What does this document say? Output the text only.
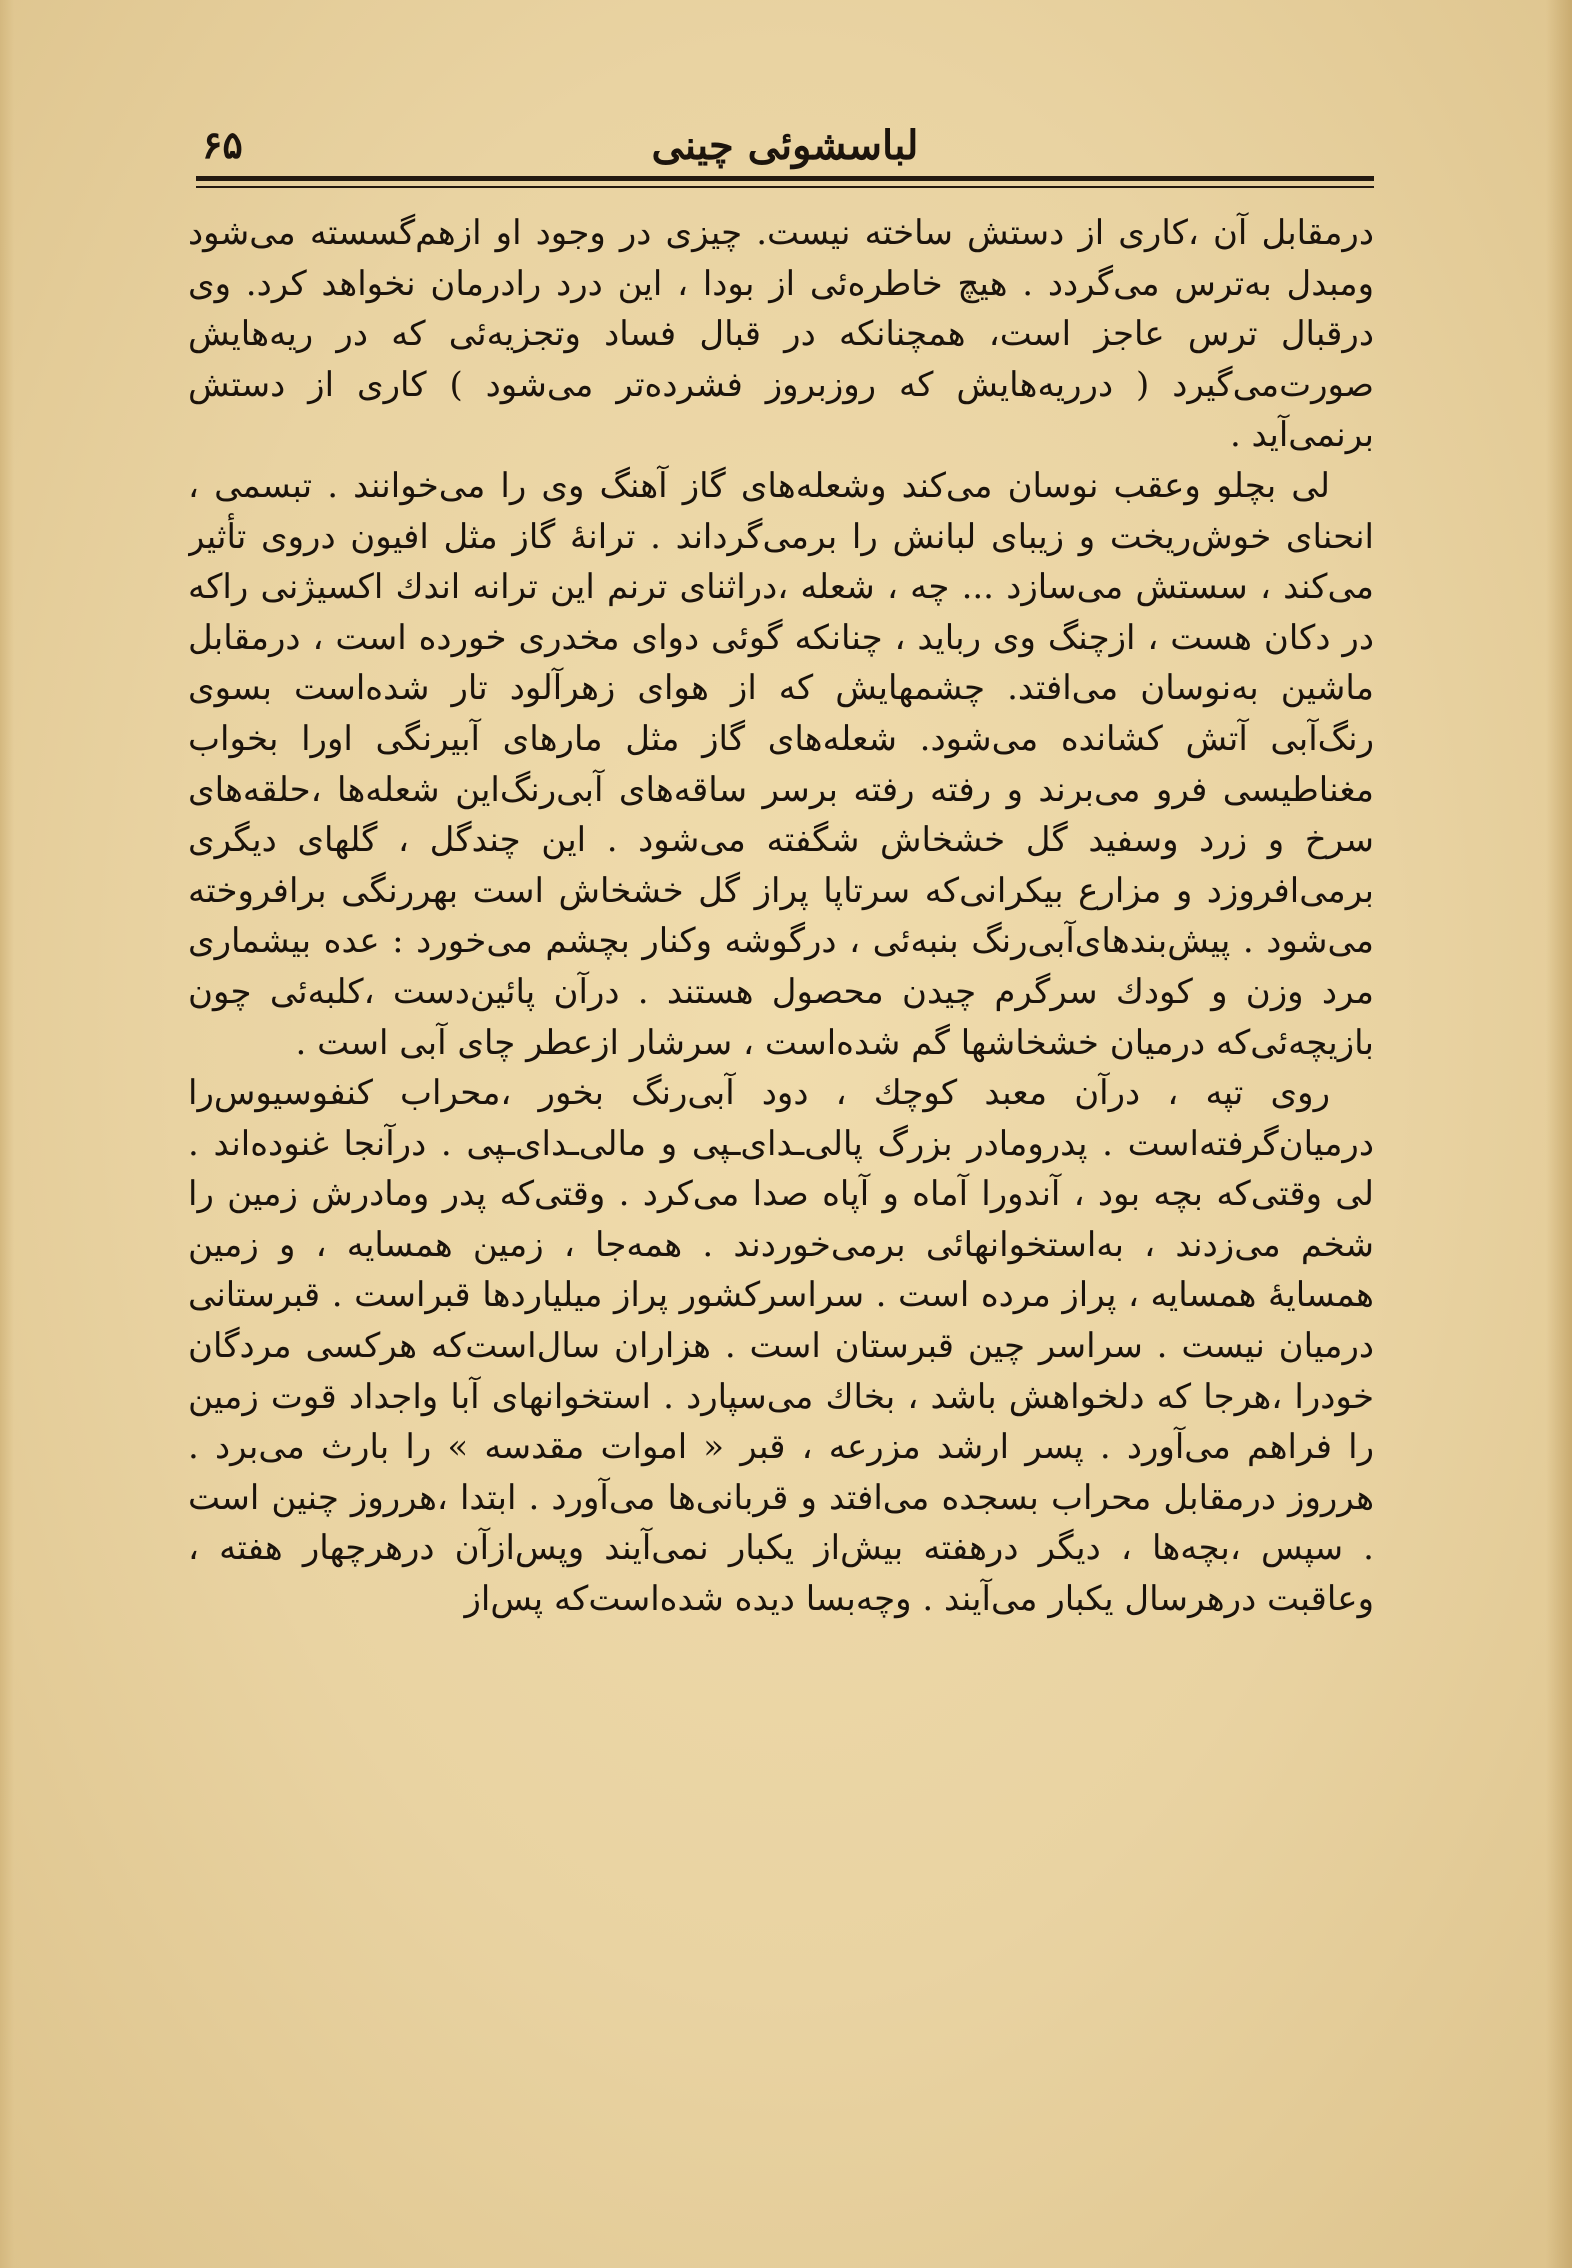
۶۵	لباسشوئی چینی

درمقابل آن ،کاری از دستش ساخته نیست. چیزی در وجود او ازهم‌گسسته می‌شود ومبدل به‌ترس می‌گردد . هیچ خاطره‌ئی از بودا ، این درد رادرمان نخواهد کرد. وی درقبال ترس عاجز است، همچنانکه در قبال فساد وتجزیه‌ئی که در ریه‌هایش صورت‌می‌گیرد ( درریه‌هایش که روزبروز فشرده‌تر می‌شود ) کاری از دستش برنمی‌آید .

لی بچلو وعقب نوسان می‌کند وشعله‌های گاز آهنگ وی را می‌خوانند . تبسمی ، انحنای خوش‌ریخت و زیبای لبانش را برمی‌گرداند . ترانهٔ گاز مثل افیون دروی تأثیر می‌کند ، سستش می‌سازد ... چه ، شعله ،دراثنای ترنم این ترانه اندك اکسیژنی راکه در دکان هست ، ازچنگ وی رباید ، چنانکه گوئی دوای مخدری خورده است ، درمقابل ماشین به‌نوسان می‌افتد. چشمهایش که از هوای زهرآلود تار شده‌است بسوی رنگ‌آبی آتش کشانده می‌شود. شعله‌های گاز مثل مارهای آبیرنگی اورا بخواب مغناطیسی فرو می‌برند و رفته رفته برسر ساقه‌های آبی‌رنگ‌این شعله‌ها ،حلقه‌های سرخ و زرد وسفید گل خشخاش شگفته می‌شود . این چندگل ، گلهای دیگری برمی‌افروزد و مزارع بیکرانی‌که سرتاپا پراز گل خشخاش است بهررنگی برافروخته می‌شود . پیش‌بندهای‌آبی‌رنگ بنبه‌ئی ، درگوشه وکنار بچشم می‌خورد : عده بیشماری مرد وزن و کودك سرگرم چیدن محصول هستند . درآن پائین‌دست ،کلبه‌ئی چون بازیچه‌ئی‌که درمیان خشخاشها گم شده‌است ، سرشار ازعطر چای آبی است .

روی تپه ، درآن معبد کوچك ، دود آبی‌رنگ بخور ،محراب کنفوسیوس‌را درمیان‌گرفته‌است . پدرومادر بزرگ پالی‌ـدای‌ـپی و مالی‌ـدای‌ـپی . درآنجا غنوده‌اند . لی وقتی‌که بچه بود ، آندورا آماه و آپاه صدا می‌کرد . وقتی‌که پدر ومادرش زمین را شخم می‌زدند ، به‌استخوانهائی برمی‌خوردند . همه‌جا ، زمین همسایه ، و زمین همسایهٔ همسایه ، پراز مرده است . سراسرکشور پراز میلیاردها قبراست . قبرستانی درمیان نیست . سراسر چین قبرستان است . هزاران سال‌است‌که هرکسی مردگان خودرا ،هرجا که دلخواهش باشد ، بخاك می‌سپارد . استخوانهای آبا واجداد قوت زمین را فراهم می‌آورد . پسر ارشد مزرعه ، قبر « اموات مقدسه » را بارث می‌برد . هرروز درمقابل محراب بسجده می‌افتد و قربانی‌ها می‌آورد . ابتدا ،هرروز چنین است . سپس ،بچه‌ها ، دیگر درهفته بیش‌از یکبار نمی‌آیند وپس‌ازآن درهرچهار هفته ، وعاقبت درهرسال یکبار می‌آیند . وچه‌بسا دیده شده‌است‌که پس‌از
